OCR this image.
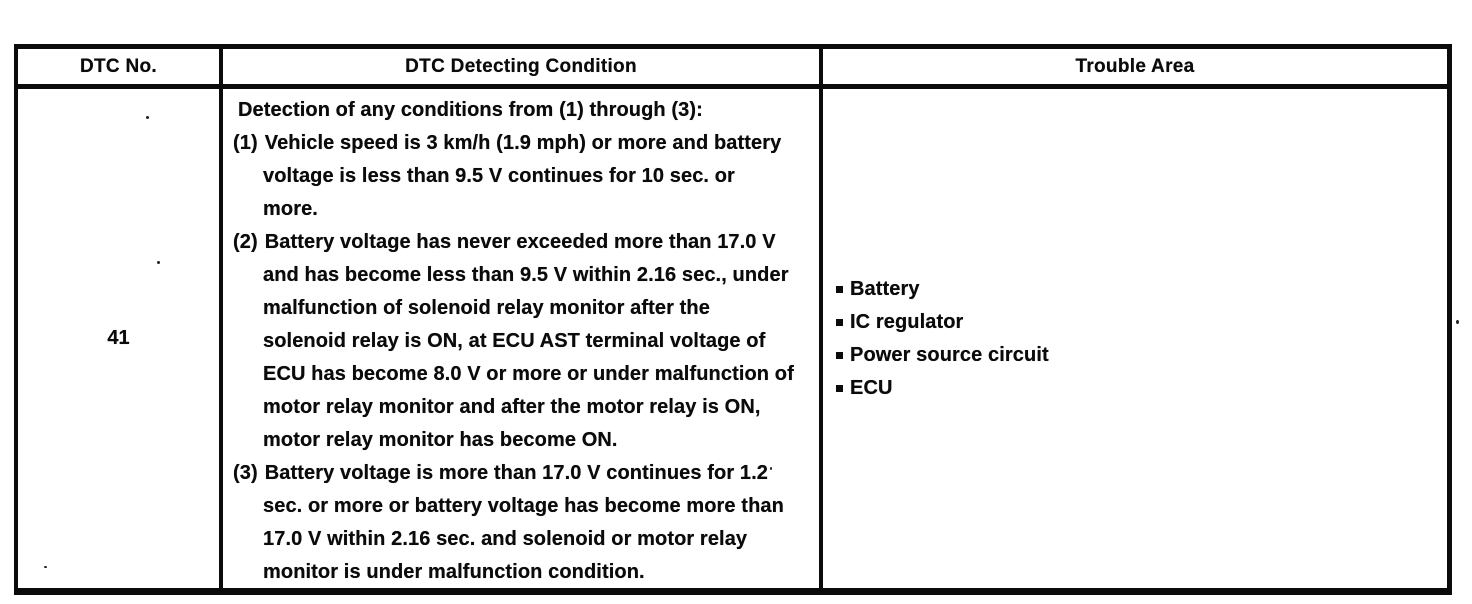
DTC No.	DTC Detecting Condition	Trouble Area
41
Detection of any conditions from (1) through (3):
(1) Vehicle speed is 3 km/h (1.9 mph) or more and battery voltage is less than 9.5 V continues for 10 sec. or more.
(2) Battery voltage has never exceeded more than 17.0 V and has become less than 9.5 V within 2.16 sec., under malfunction of solenoid relay monitor after the solenoid relay is ON, at ECU AST terminal voltage of ECU has become 8.0 V or more or under malfunction of motor relay monitor and after the motor relay is ON, motor relay monitor has become ON.
(3) Battery voltage is more than 17.0 V continues for 1.2 sec. or more or battery voltage has become more than 17.0 V within 2.16 sec. and solenoid or motor relay monitor is under malfunction condition.
Battery
IC regulator
Power source circuit
ECU
